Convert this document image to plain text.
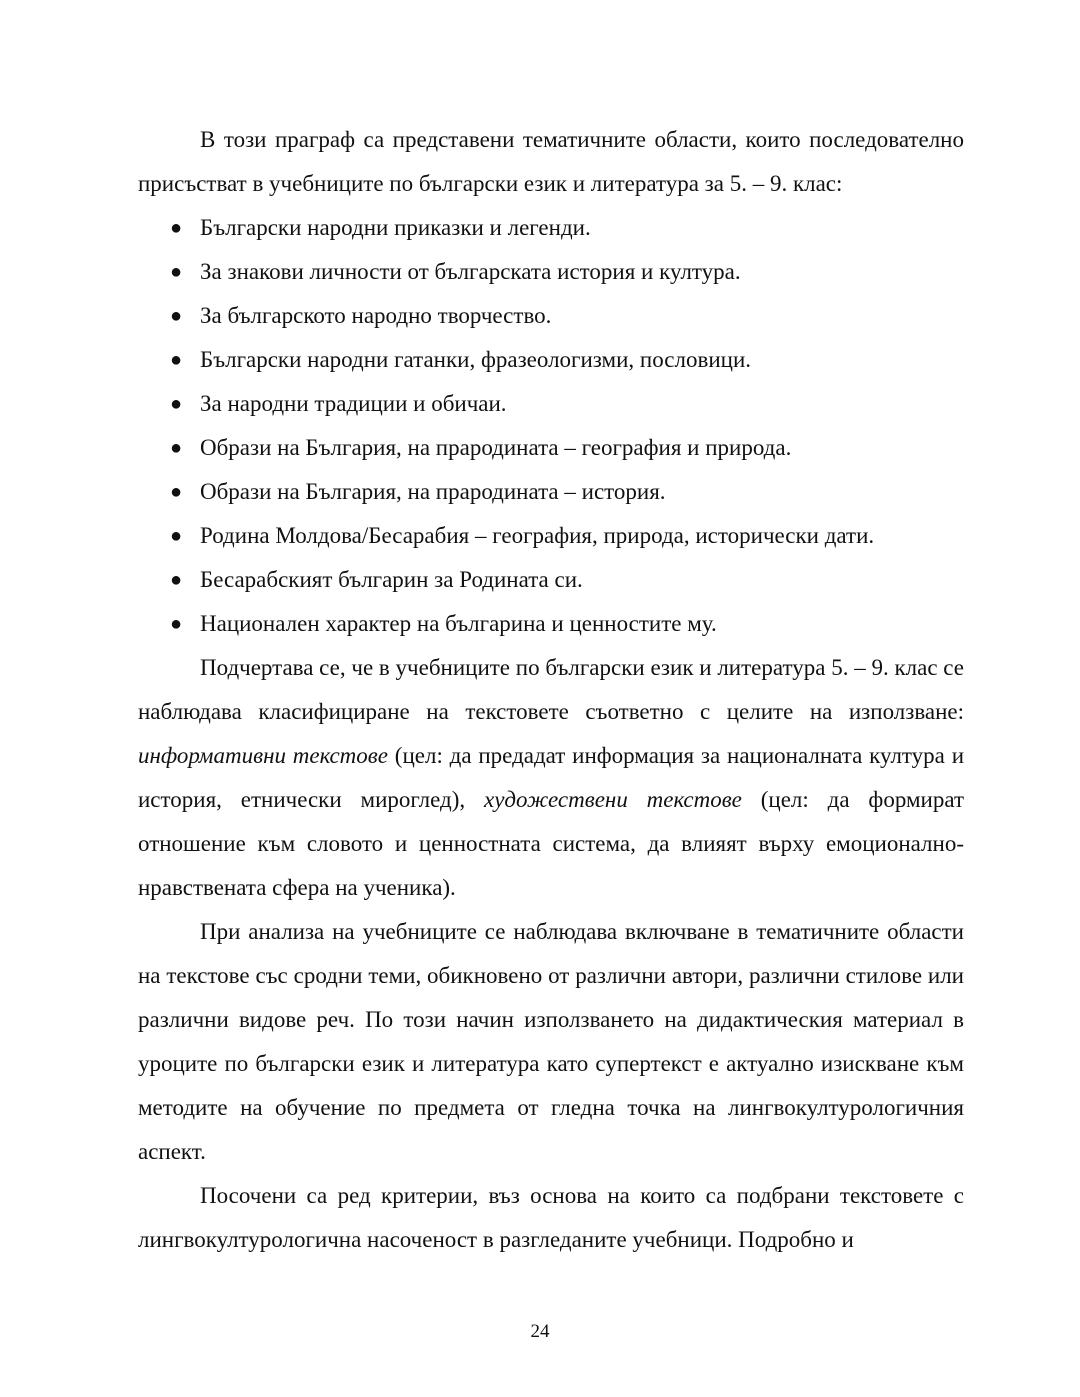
В този праграф са представени тематичните области, които последователно присъстват в учебниците по български език и литература за 5. – 9. клас:

● Български народни приказки и легенди.
● За знакови личности от българската история и култура.
● За българското народно творчество.
● Български народни гатанки, фразеологизми, пословици.
● За народни традиции и обичаи.
● Образи на България, на прародината – география и природа.
● Образи на България, на прародината – история.
● Родина Молдова/Бесарабия – география, природа, исторически дати.
● Бесарабският българин за Родината си.
● Национален характер на българина и ценностите му.

Подчертава се, че в учебниците по български език и литература 5. – 9. клас се наблюдава класифициране на текстовете съответно с целите на използване: информативни текстове (цел: да предадат информация за националната култура и история, етнически мироглед), художествени текстове (цел: да формират отношение към словото и ценностната система, да влияят върху емоционално-нравствената сфера на ученика).

При анализа на учебниците се наблюдава включване в тематичните области на текстове със сродни теми, обикновено от различни автори, различни стилове или различни видове реч. По този начин използването на дидактическия материал в уроците по български език и литература като супертекст е актуално изискване към методите на обучение по предмета от гледна точка на лингвокултурологичния аспект.

Посочени са ред критерии, въз основа на които са подбрани текстовете с лингвокултурологична насоченост в разгледаните учебници. Подробно и

24
